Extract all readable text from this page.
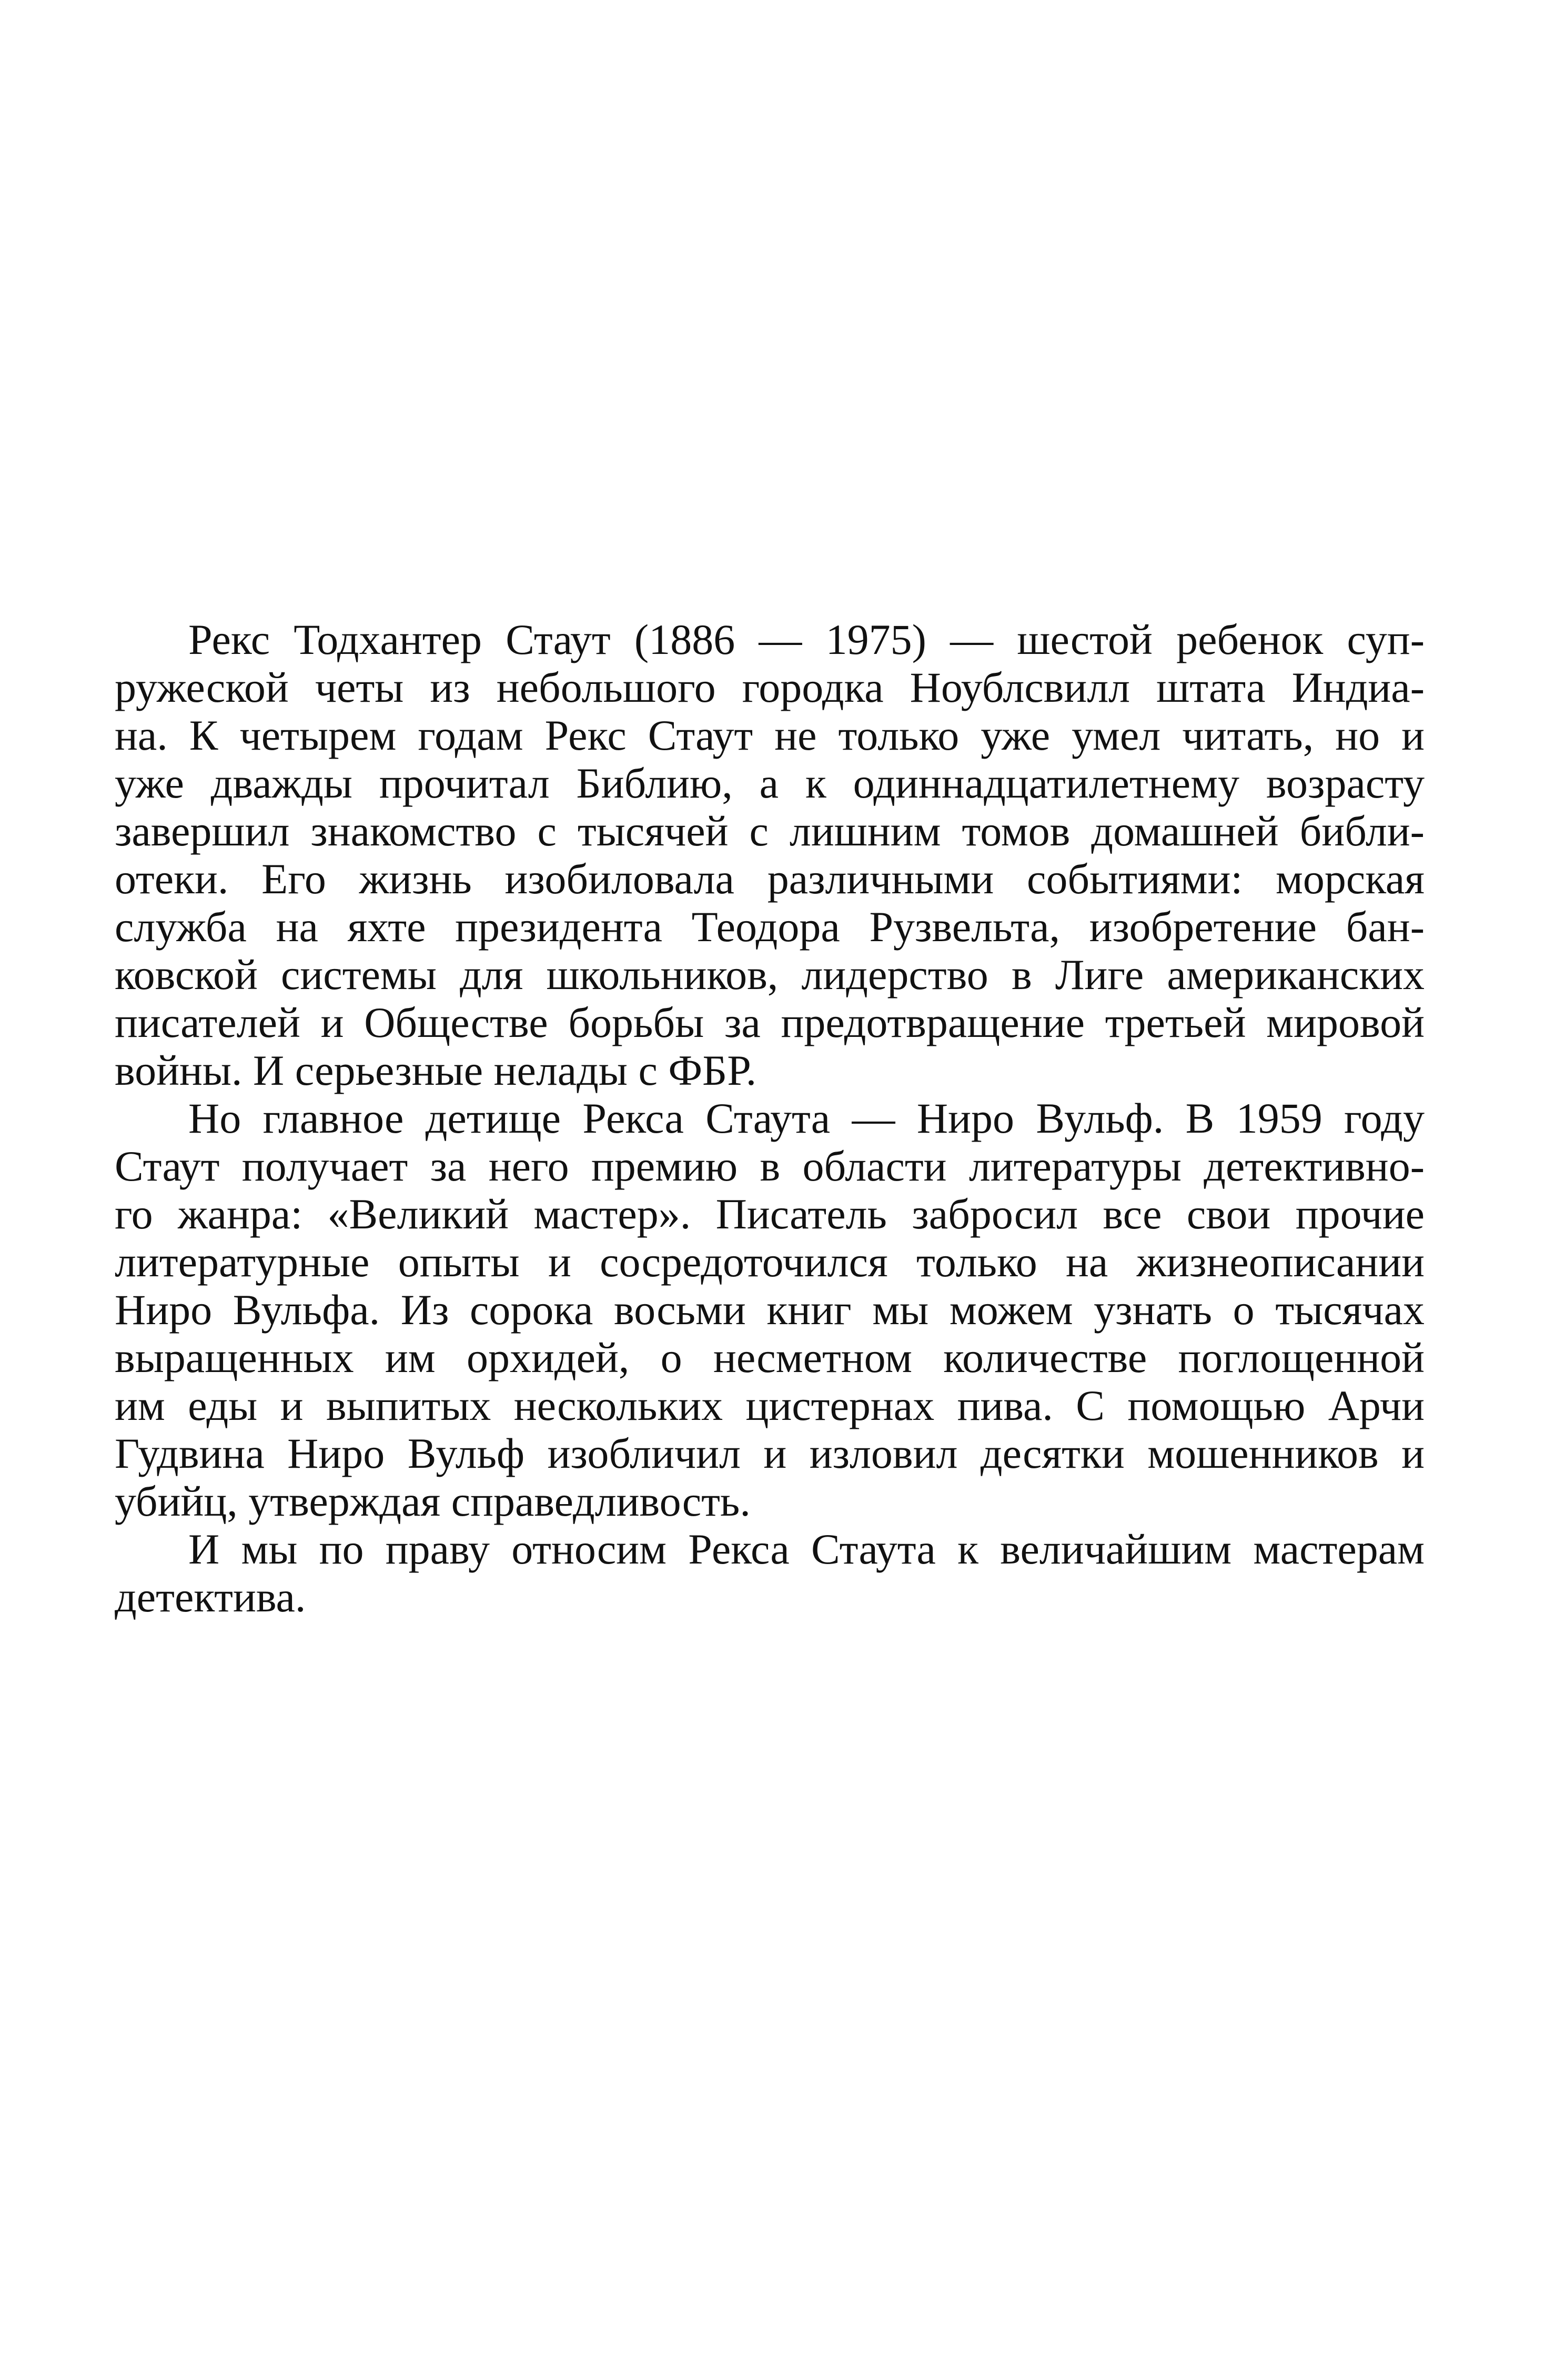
Рекс Тодхантер Стаут (1886 — 1975) — шестой ребенок суп-
ружеской четы из небольшого городка Ноублсвилл штата Индиа-
на. К четырем годам Рекс Стаут не только уже умел читать, но и
уже дважды прочитал Библию, а к одиннадцатилетнему возрасту
завершил знакомство с тысячей с лишним томов домашней библи-
отеки. Его жизнь изобиловала различными событиями: морская
служба на яхте президента Теодора Рузвельта, изобретение бан-
ковской системы для школьников, лидерство в Лиге американских
писателей и Обществе борьбы за предотвращение третьей мировой
войны. И серьезные нелады с ФБР.
Но главное детище Рекса Стаута — Ниро Вульф. В 1959 году
Стаут получает за него премию в области литературы детективно-
го жанра: «Великий мастер». Писатель забросил все свои прочие
литературные опыты и сосредоточился только на жизнеописании
Ниро Вульфа. Из сорока восьми книг мы можем узнать о тысячах
выращенных им орхидей, о несметном количестве поглощенной
им еды и выпитых нескольких цистернах пива. С помощью Арчи
Гудвина Ниро Вульф изобличил и изловил десятки мошенников и
убийц, утверждая справедливость.
И мы по праву относим Рекса Стаута к величайшим мастерам
детектива.
